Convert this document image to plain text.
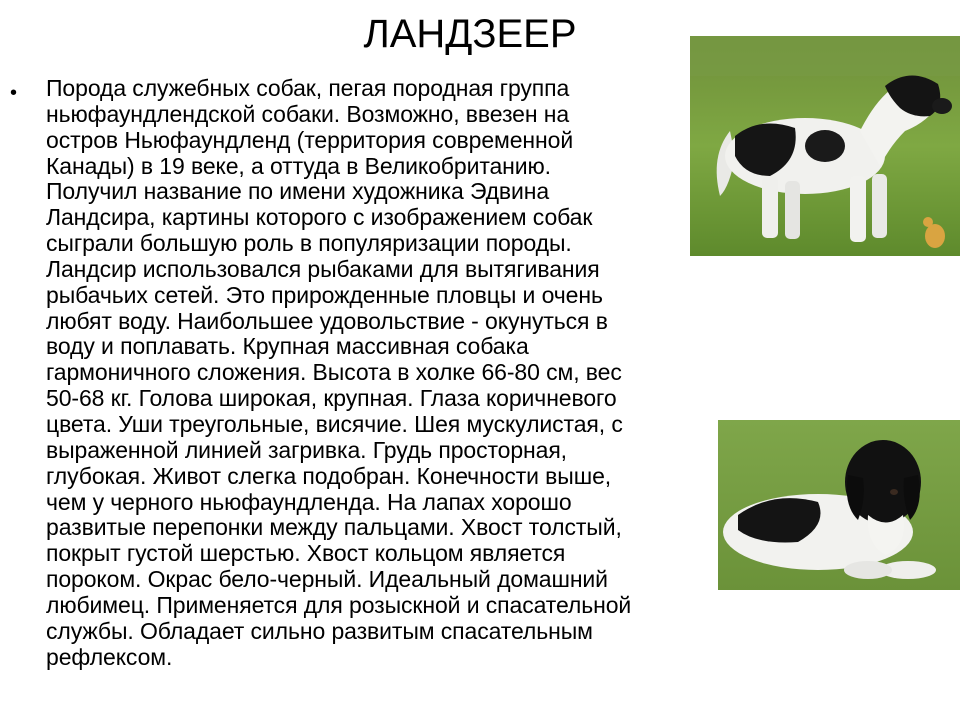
ЛАНДЗЕЕР
• Порода служебных собак, пегая породная группа
ньюфаундлендской собаки. Возможно, ввезен на
остров Ньюфаундленд (территория современной
Канады) в 19 веке, а оттуда в Великобританию.
Получил название по имени художника Эдвина
Ландсира, картины которого с изображением собак
сыграли большую роль в популяризации породы.
Ландсир использовался рыбаками для вытягивания
рыбачьих сетей. Это прирожденные пловцы и очень
любят воду. Наибольшее удовольствие - окунуться в
воду и поплавать. Крупная массивная собака
гармоничного сложения. Высота в холке 66-80 см, вес
50-68 кг. Голова широкая, крупная. Глаза коричневого
цвета. Уши треугольные, висячие. Шея мускулистая, с
выраженной линией загривка. Грудь просторная,
глубокая. Живот слегка подобран. Конечности выше,
чем у черного ньюфаундленда. На лапах хорошо
развитые перепонки между пальцами. Хвост толстый,
покрыт густой шерстью. Хвост кольцом является
пороком. Окрас бело-черный. Идеальный домашний
любимец. Применяется для розыскной и спасательной
службы. Обладает сильно развитым спасательным
рефлексом.
